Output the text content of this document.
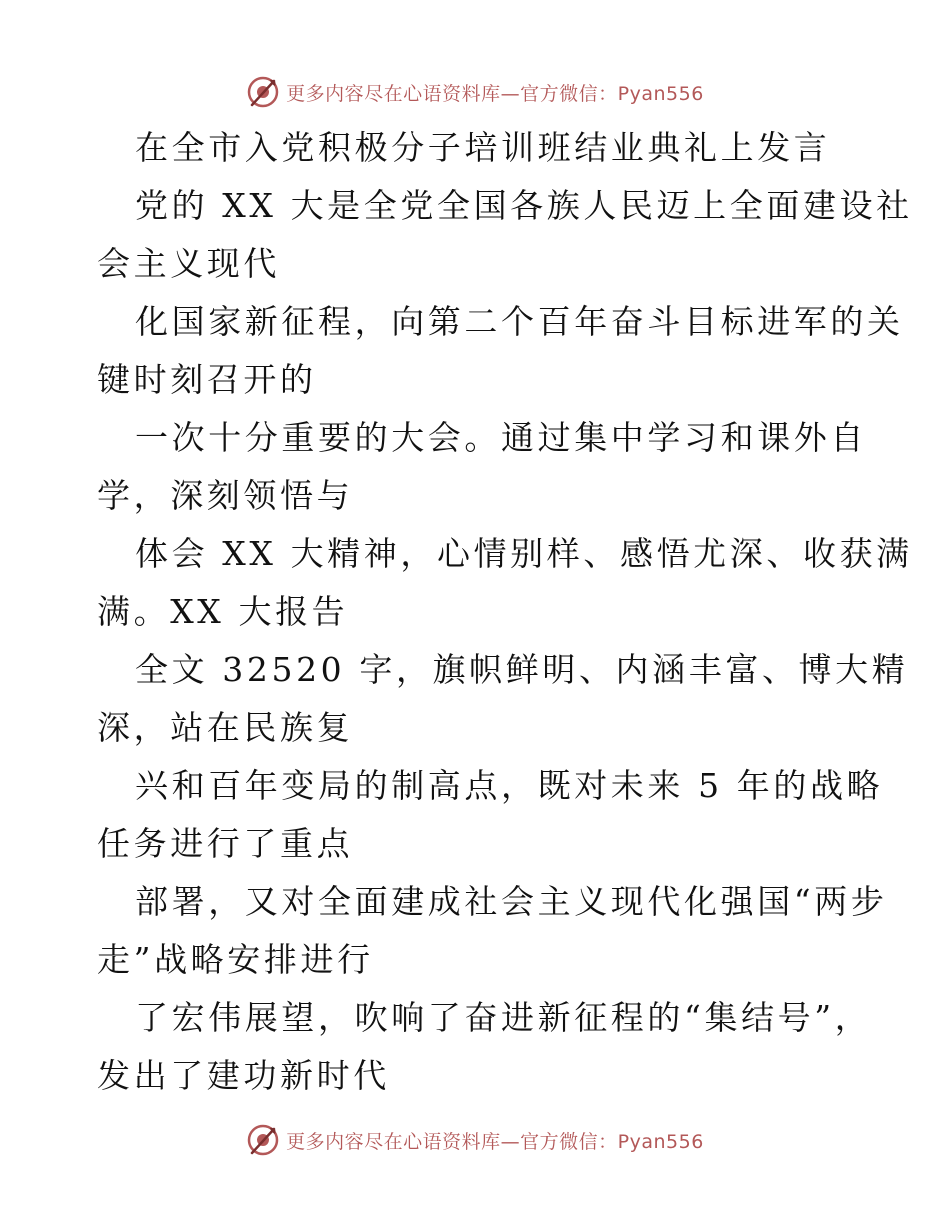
更多内容尽在心语资料库—官方微信：Pyan556
在全市入党积极分子培训班结业典礼上发言
党的 XX 大是全党全国各族人民迈上全面建设社
会主义现代
化国家新征程，向第二个百年奋斗目标进军的关
键时刻召开的
一次十分重要的大会。通过集中学习和课外自
学，深刻领悟与
体会 XX 大精神，心情别样、感悟尤深、收获满
满。XX 大报告
全文 32520 字，旗帜鲜明、内涵丰富、博大精
深，站在民族复
兴和百年变局的制高点，既对未来 5 年的战略
任务进行了重点
部署，又对全面建成社会主义现代化强国“两步
走”战略安排进行
了宏伟展望，吹响了奋进新征程的“集结号”，
发出了建功新时代
更多内容尽在心语资料库—官方微信：Pyan556
